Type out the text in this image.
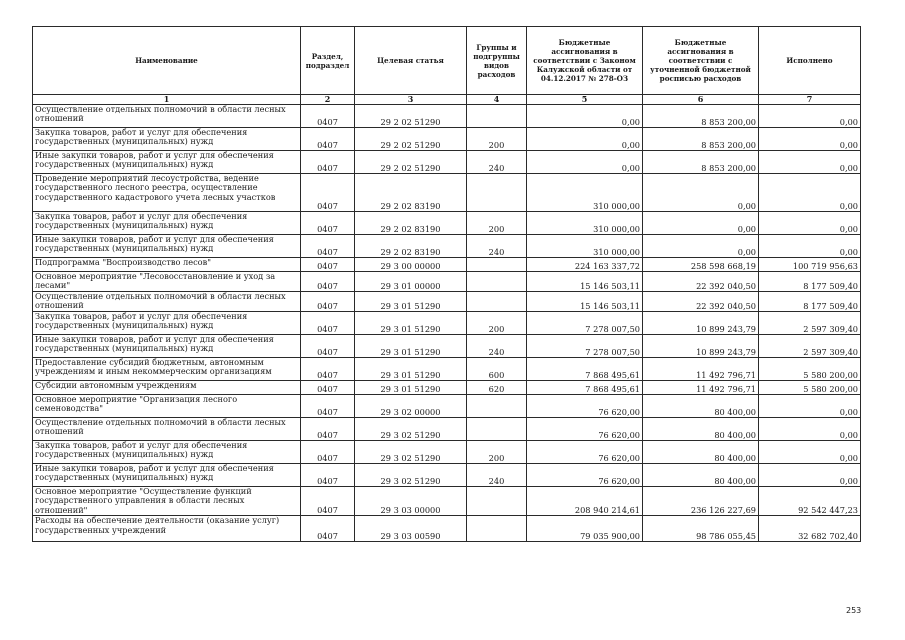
Наименование	Раздел, подраздел	Целевая статья	Группы и подгруппы видов расходов	Бюджетные ассигнования в соответствии с Законом Калужской области от 04.12.2017 № 278-ОЗ	Бюджетные ассигнования в соответствии с уточненной бюджетной росписью расходов	Исполнено
1	2	3	4	5	6	7
Осуществление отдельных полномочий в области лесных отношений	0407	29 2 02 51290		0,00	8 853 200,00	0,00
Закупка товаров, работ и услуг для обеспечения государственных (муниципальных) нужд	0407	29 2 02 51290	200	0,00	8 853 200,00	0,00
Иные закупки товаров, работ и услуг для обеспечения государственных (муниципальных) нужд	0407	29 2 02 51290	240	0,00	8 853 200,00	0,00
Проведение мероприятий лесоустройства, ведение государственного лесного реестра, осуществление государственного кадастрового учета лесных участков	0407	29 2 02 83190		310 000,00	0,00	0,00
Закупка товаров, работ и услуг для обеспечения государственных (муниципальных) нужд	0407	29 2 02 83190	200	310 000,00	0,00	0,00
Иные закупки товаров, работ и услуг для обеспечения государственных (муниципальных) нужд	0407	29 2 02 83190	240	310 000,00	0,00	0,00
Подпрограмма "Воспроизводство лесов"	0407	29 3 00 00000		224 163 337,72	258 598 668,19	100 719 956,63
Основное мероприятие "Лесовосстановление и уход за лесами"	0407	29 3 01 00000		15 146 503,11	22 392 040,50	8 177 509,40
Осуществление отдельных полномочий в области лесных отношений	0407	29 3 01 51290		15 146 503,11	22 392 040,50	8 177 509,40
Закупка товаров, работ и услуг для обеспечения государственных (муниципальных) нужд	0407	29 3 01 51290	200	7 278 007,50	10 899 243,79	2 597 309,40
Иные закупки товаров, работ и услуг для обеспечения государственных (муниципальных) нужд	0407	29 3 01 51290	240	7 278 007,50	10 899 243,79	2 597 309,40
Предоставление субсидий бюджетным, автономным учреждениям и иным некоммерческим организациям	0407	29 3 01 51290	600	7 868 495,61	11 492 796,71	5 580 200,00
Субсидии автономным учреждениям	0407	29 3 01 51290	620	7 868 495,61	11 492 796,71	5 580 200,00
Основное мероприятие "Организация лесного семеноводства"	0407	29 3 02 00000		76 620,00	80 400,00	0,00
Осуществление отдельных полномочий в области лесных отношений	0407	29 3 02 51290		76 620,00	80 400,00	0,00
Закупка товаров, работ и услуг для обеспечения государственных (муниципальных) нужд	0407	29 3 02 51290	200	76 620,00	80 400,00	0,00
Иные закупки товаров, работ и услуг для обеспечения государственных (муниципальных) нужд	0407	29 3 02 51290	240	76 620,00	80 400,00	0,00
Основное мероприятие "Осуществление функций государственного управления в области лесных отношений"	0407	29 3 03 00000		208 940 214,61	236 126 227,69	92 542 447,23
Расходы на обеспечение деятельности (оказание услуг) государственных учреждений	0407	29 3 03 00590		79 035 900,00	98 786 055,45	32 682 702,40
253
